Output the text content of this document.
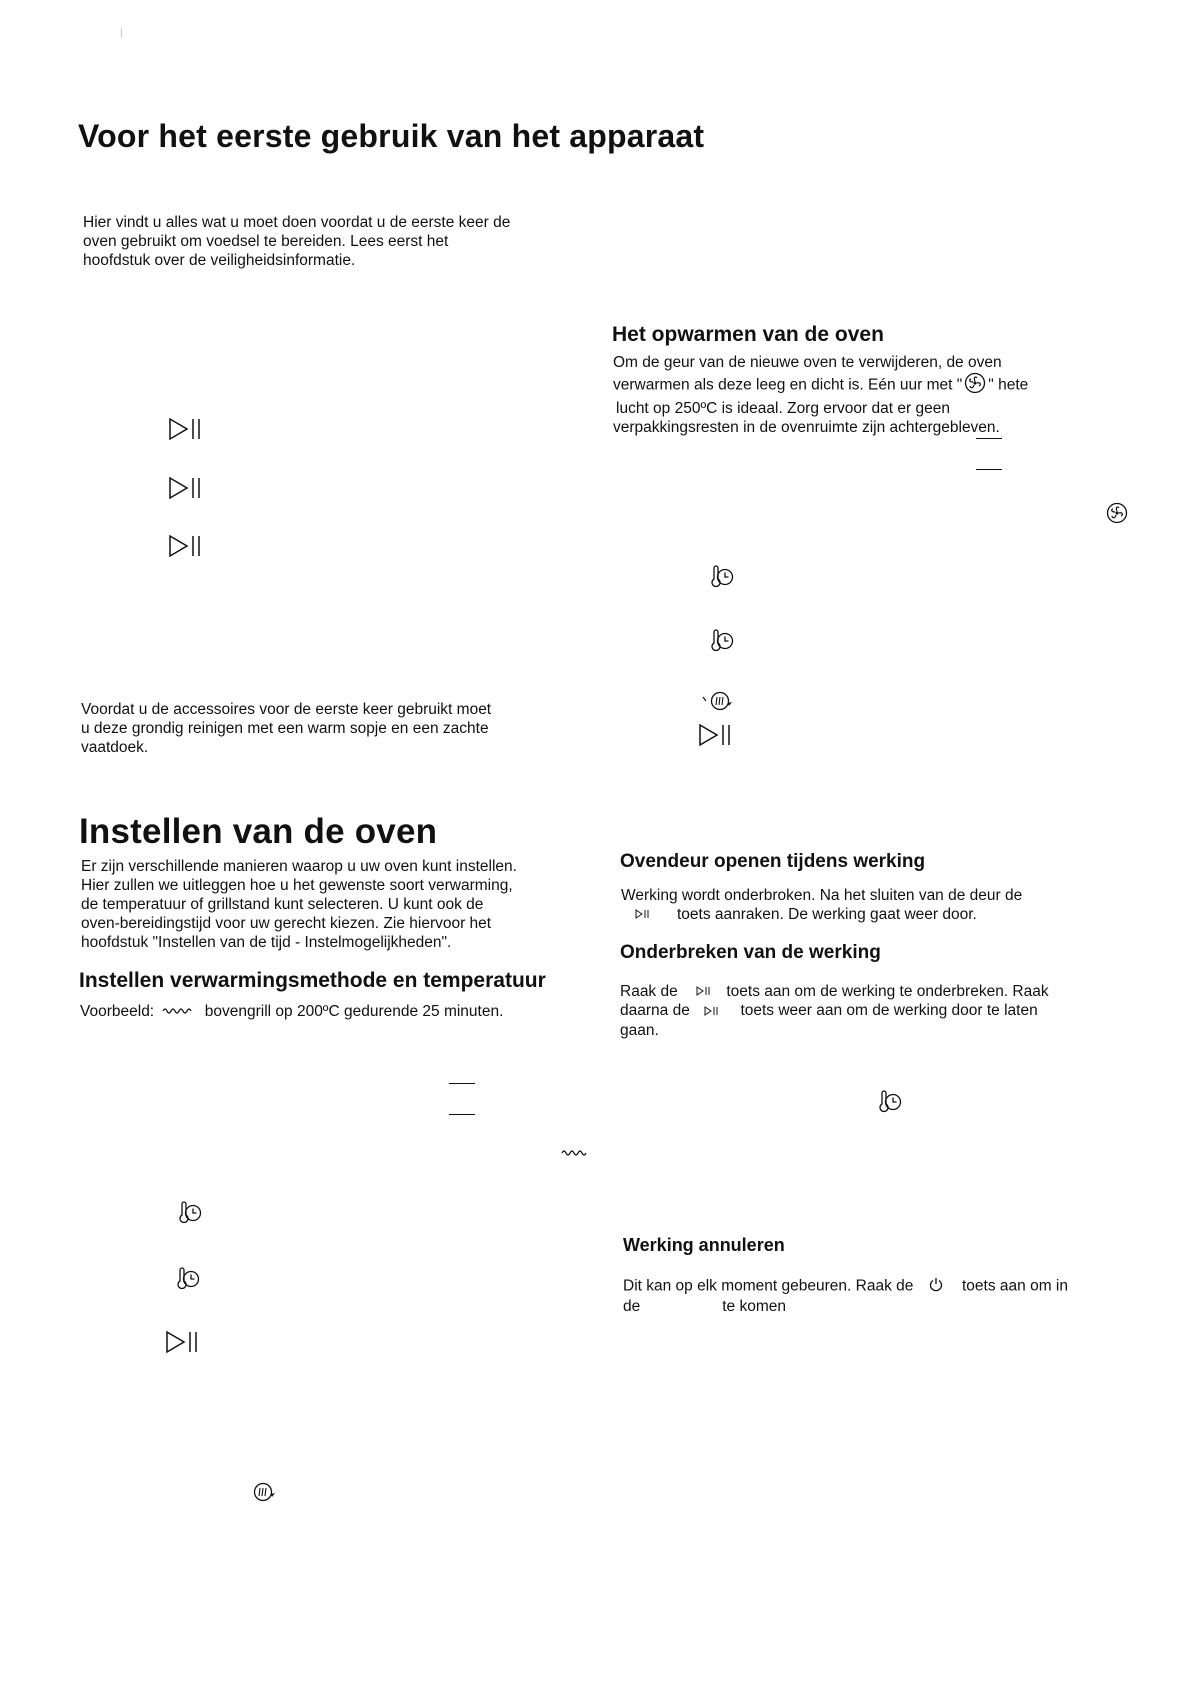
|
Voor het eerste gebruik van het apparaat
Hier vindt u alles wat u moet doen voordat u de eerste keer de
oven gebruikt om voedsel te bereiden. Lees eerst het
hoofdstuk over de veiligheidsinformatie.
Voordat u de accessoires voor de eerste keer gebruikt moet
u deze grondig reinigen met een warm sopje en een zachte
vaatdoek.
Het opwarmen van de oven
Om de geur van de nieuwe oven te verwijderen, de oven
verwarmen als deze leeg en dicht is. Eén uur met " " hete
lucht op 250ºC is ideaal. Zorg ervoor dat er geen
verpakkingsresten in de ovenruimte zijn achtergebleven.
Instellen van de oven
Er zijn verschillende manieren waarop u uw oven kunt instellen.
Hier zullen we uitleggen hoe u het gewenste soort verwarming,
de temperatuur of grillstand kunt selecteren. U kunt ook de
oven-bereidingstijd voor uw gerecht kiezen. Zie hiervoor het
hoofdstuk "Instellen van de tijd - Instelmogelijkheden".
Instellen verwarmingsmethode en temperatuur
Voorbeeld:	bovengrill op 200ºC gedurende 25 minuten.
Ovendeur openen tijdens werking
Werking wordt onderbroken. Na het sluiten van de deur de
toets aanraken. De werking gaat weer door.
Onderbreken van de werking
Raak de	toets aan om de werking te onderbreken. Raak
daarna de	toets weer aan om de werking door te laten
gaan.
Werking annuleren
Dit kan op elk moment gebeuren. Raak de	toets aan om in
de	te komen
